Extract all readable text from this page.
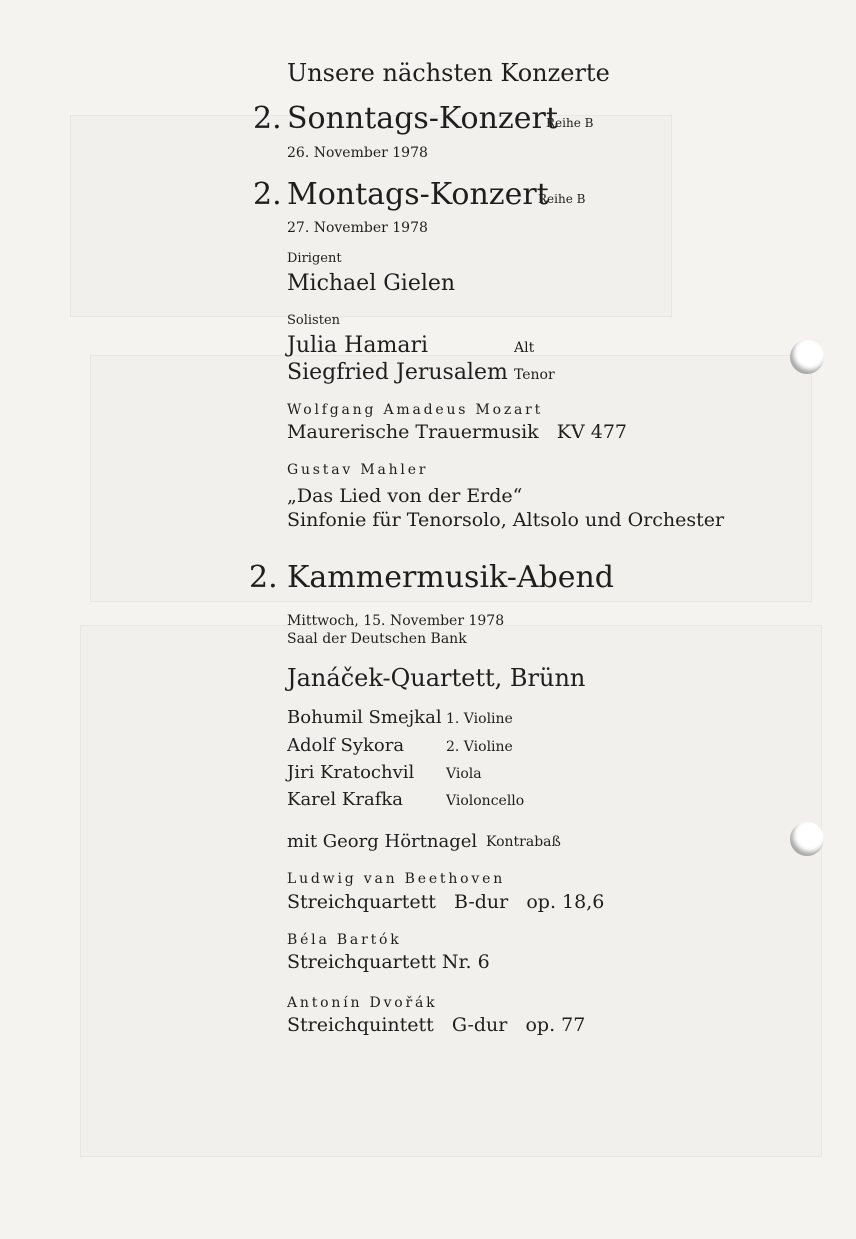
Unsere nächsten Konzerte
2. Sonntags-Konzert
Reihe B
26. November 1978
2. Montags-Konzert
Reihe B
27. November 1978
Dirigent
Michael Gielen
Solisten
Julia Hamari	Alt
Siegfried Jerusalem Tenor
Wolfgang Amadeus Mozart
Maurerische Trauermusik   KV 477
Gustav Mahler
„Das Lied von der Erde“
Sinfonie für Tenorsolo, Altsolo und Orchester
2. Kammermusik-Abend
Mittwoch, 15. November 1978
Saal der Deutschen Bank
Janáček-Quartett, Brünn
Bohumil Smejkal 1. Violine
Adolf Sykora	2. Violine
Jiri Kratochvil Viola
Karel Krafka	Violoncello
mit Georg Hörtnagel Kontrabaß
Ludwig van Beethoven
Streichquartett   B-dur   op. 18,6
Béla Bartók
Streichquartett Nr. 6
Antonín Dvořák
Streichquintett   G-dur   op. 77
